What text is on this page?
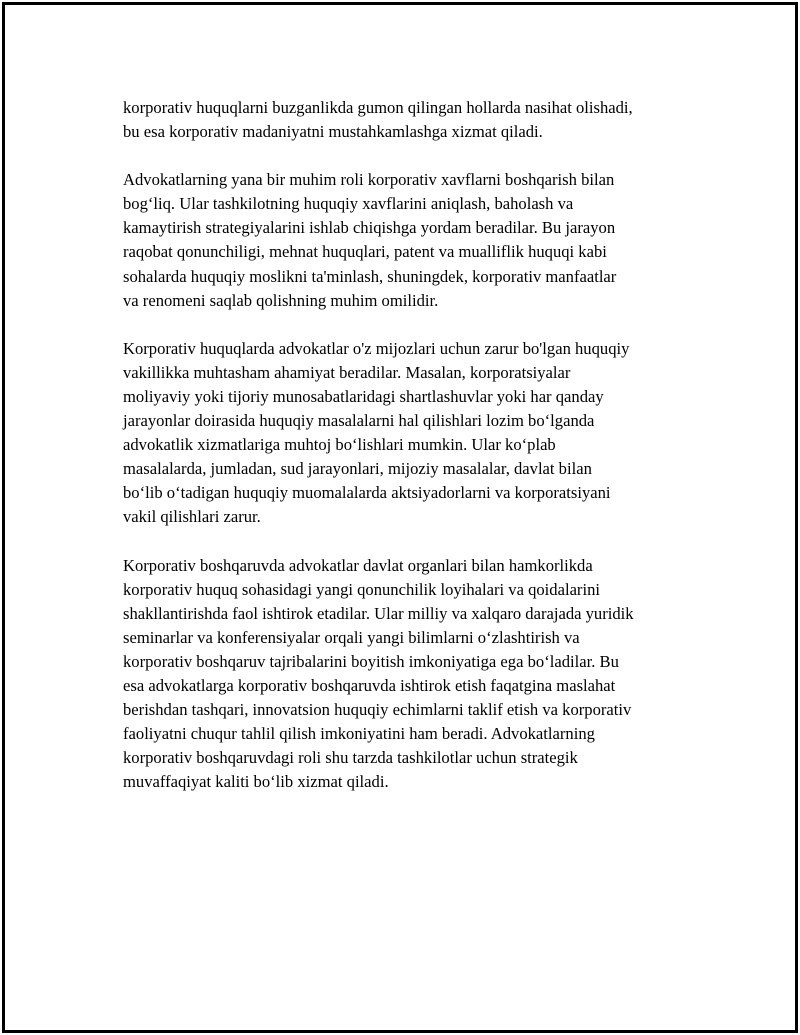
korporativ huquqlarni buzganlikda gumon qilingan hollarda nasihat olishadi,
bu esa korporativ madaniyatni mustahkamlashga xizmat qiladi.

Advokatlarning yana bir muhim roli korporativ xavflarni boshqarish bilan
bog‘liq. Ular tashkilotning huquqiy xavflarini aniqlash, baholash va
kamaytirish strategiyalarini ishlab chiqishga yordam beradilar. Bu jarayon
raqobat qonunchiligi, mehnat huquqlari, patent va mualliflik huquqi kabi
sohalarda huquqiy moslikni ta'minlash, shuningdek, korporativ manfaatlar
va renomeni saqlab qolishning muhim omilidir.

Korporativ huquqlarda advokatlar o'z mijozlari uchun zarur bo'lgan huquqiy
vakillikka muhtasham ahamiyat beradilar. Masalan, korporatsiyalar
moliyaviy yoki tijoriy munosabatlaridagi shartlashuvlar yoki har qanday
jarayonlar doirasida huquqiy masalalarni hal qilishlari lozim bo‘lganda
advokatlik xizmatlariga muhtoj bo‘lishlari mumkin. Ular ko‘plab
masalalarda, jumladan, sud jarayonlari, mijoziy masalalar, davlat bilan
bo‘lib o‘tadigan huquqiy muomalalarda aktsiyadorlarni va korporatsiyani
vakil qilishlari zarur.

Korporativ boshqaruvda advokatlar davlat organlari bilan hamkorlikda
korporativ huquq sohasidagi yangi qonunchilik loyihalari va qoidalarini
shakllantirishda faol ishtirok etadilar. Ular milliy va xalqaro darajada yuridik
seminarlar va konferensiyalar orqali yangi bilimlarni o‘zlashtirish va
korporativ boshqaruv tajribalarini boyitish imkoniyatiga ega bo‘ladilar. Bu
esa advokatlarga korporativ boshqaruvda ishtirok etish faqatgina maslahat
berishdan tashqari, innovatsion huquqiy echimlarni taklif etish va korporativ
faoliyatni chuqur tahlil qilish imkoniyatini ham beradi. Advokatlarning
korporativ boshqaruvdagi roli shu tarzda tashkilotlar uchun strategik
muvaffaqiyat kaliti bo‘lib xizmat qiladi.
